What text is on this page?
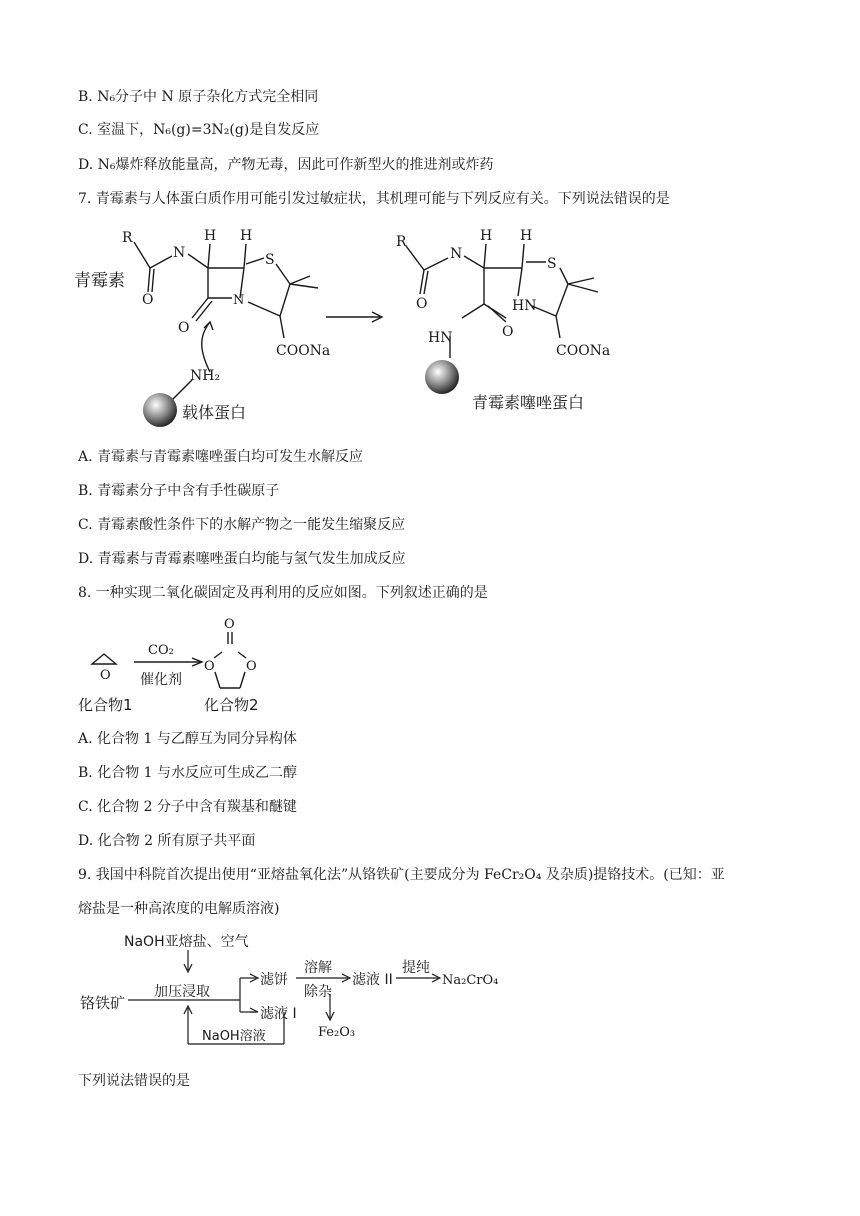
B. N₆分子中 N 原子杂化方式完全相同
C. 室温下，N₆(g)=3N₂(g)是自发反应
D. N₆爆炸释放能量高，产物无毒，因此可作新型火的推进剂或炸药
7. 青霉素与人体蛋白质作用可能引发过敏症状，其机理可能与下列反应有关。下列说法错误的是
青霉素
R
N
H H
S
N
O
O
COONa
NH₂
载体蛋白
R
N
H H
S
HN
O
O
HN
COONa
青霉素噻唑蛋白
A. 青霉素与青霉素噻唑蛋白均可发生水解反应
B. 青霉素分子中含有手性碳原子
C. 青霉素酸性条件下的水解产物之一能发生缩聚反应
D. 青霉素与青霉素噻唑蛋白均能与氢气发生加成反应
8. 一种实现二氧化碳固定及再利用的反应如图。下列叙述正确的是
O
O
O O
CO₂
催化剂
化合物1	化合物2
A. 化合物 1 与乙醇互为同分异构体
B. 化合物 1 与水反应可生成乙二醇
C. 化合物 2 分子中含有羰基和醚键
D. 化合物 2 所有原子共平面
9. 我国中科院首次提出使用“亚熔盐氧化法”从铬铁矿(主要成分为 FeCr₂O₄ 及杂质)提铬技术。(已知：亚
熔盐是一种高浓度的电解质溶液)
NaOH亚熔盐、空气
铬铁矿
加压浸取
滤饼
滤液 I
NaOH溶液
溶解
除杂
滤液 II
提纯
Na₂CrO₄
Fe₂O₃
下列说法错误的是
